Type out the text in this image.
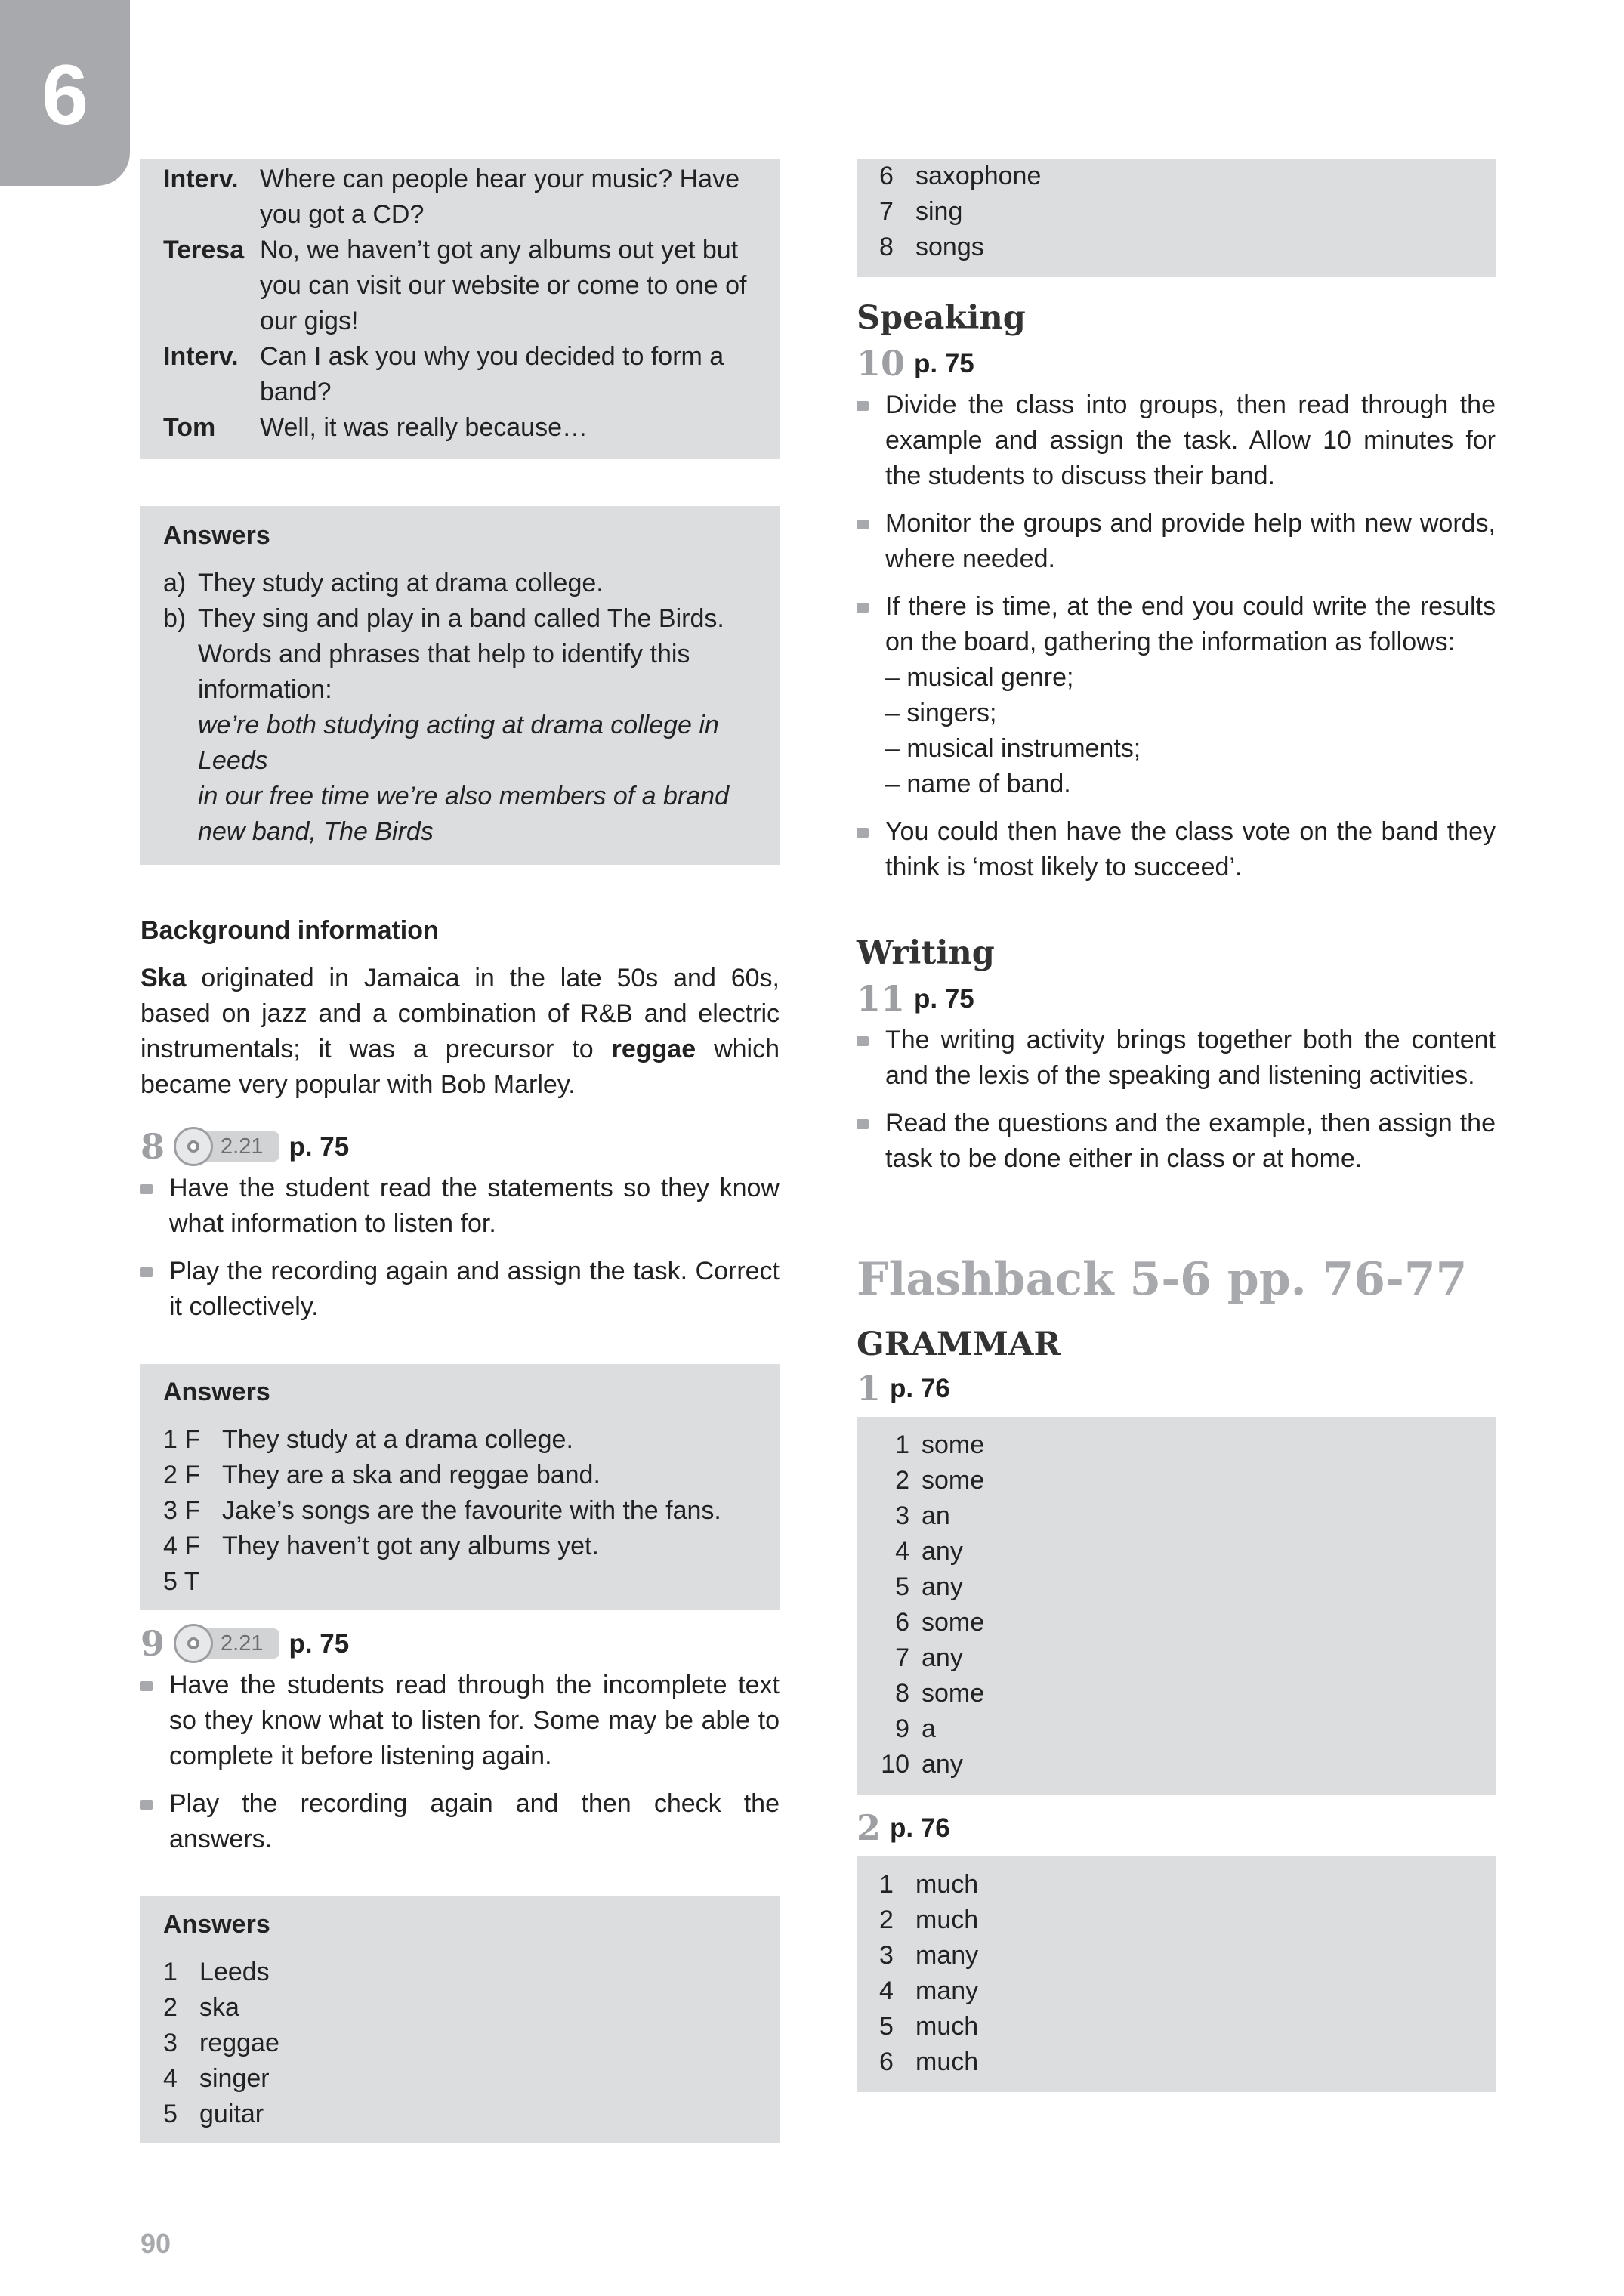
6
Interv. Where can people hear your music? Have you got a CD?
Teresa No, we haven’t got any albums out yet but you can visit our website or come to one of our gigs!
Interv. Can I ask you why you decided to form a band?
Tom	Well, it was really because…
Answers
a) They study acting at drama college.
b) They sing and play in a band called The Birds. Words and phrases that help to identify this information:
we’re both studying acting at drama college in Leeds
in our free time we’re also members of a brand new band, The Birds
Background information
Ska originated in Jamaica in the late 50s and 60s, based on jazz and a combination of R&B and electric instrumentals; it was a precursor to reggae which became very popular with Bob Marley.
8	2.21 p. 75
Have the student read the statements so they know what information to listen for.
Play the recording again and assign the task. Correct it collectively.
Answers
1 F They study at a drama college.
2 F They are a ska and reggae band.
3 F Jake’s songs are the favourite with the fans.
4 F They haven’t got any albums yet.
5 T
9	2.21 p. 75
Have the students read through the incomplete text so they know what to listen for. Some may be able to complete it before listening again.
Play the recording again and then check the answers.
Answers
1 Leeds
2 ska
3 reggae
4 singer
5 guitar
6 saxophone
7 sing
8 songs
Speaking
10 p. 75
Divide the class into groups, then read through the example and assign the task. Allow 10 minutes for the students to discuss their band.
Monitor the groups and provide help with new words, where needed.
If there is time, at the end you could write the results on the board, gathering the information as follows:
– musical genre;
– singers;
– musical instruments;
– name of band.
You could then have the class vote on the band they think is ‘most likely to succeed’.
Writing
11 p. 75
The writing activity brings together both the content and the lexis of the speaking and listening activities.
Read the questions and the example, then assign the task to be done either in class or at home.
Flashback 5-6 pp. 76-77
GRAMMAR
1 p. 76
1 some
2 some
3 an
4 any
5 any
6 some
7 any
8 some
9 a
10 any
2 p. 76
1 much
2 much
3 many
4 many
5 much
6 much
90
